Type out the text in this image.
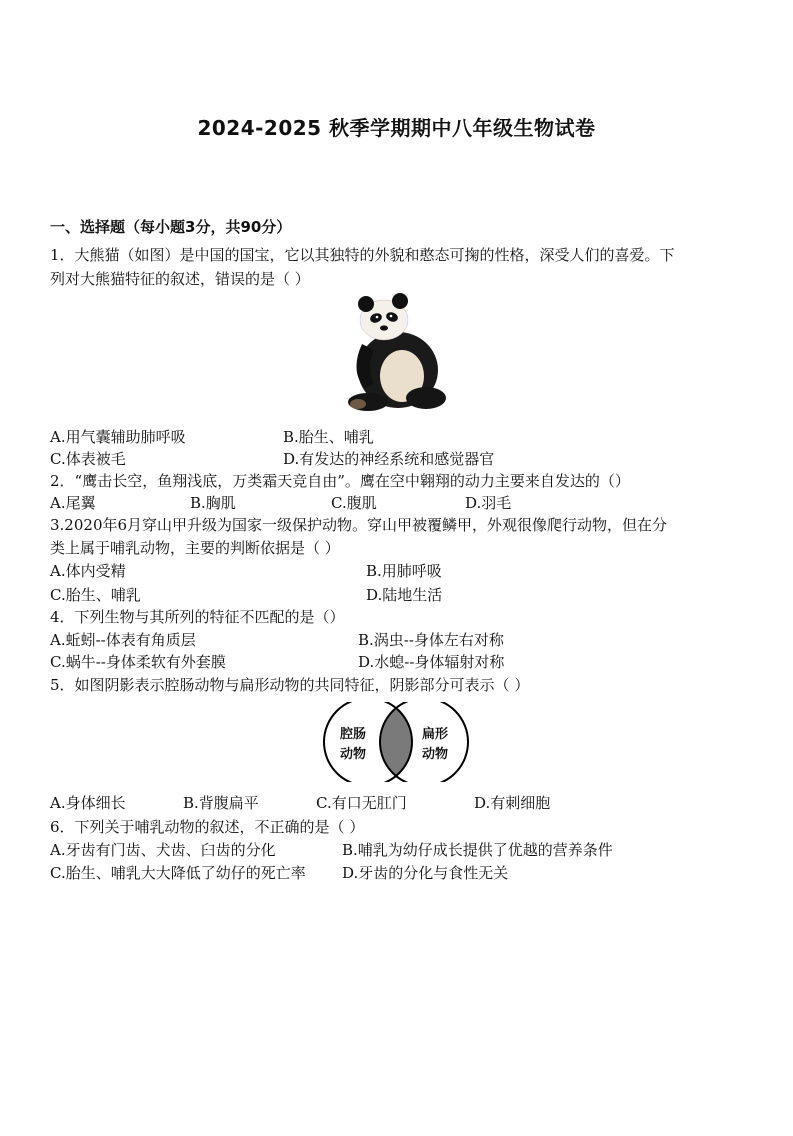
2024-2025 秋季学期期中八年级生物试卷
一、选择题（每小题3分，共90分）
1．大熊猫（如图）是中国的国宝，它以其独特的外貌和憨态可掬的性格，深受人们的喜爱。下
列对大熊猫特征的叙述，错误的是（ ）
A.用气囊辅助肺呼吸	B.胎生、哺乳
C.体表被毛	D.有发达的神经系统和感觉器官
2．“鹰击长空，鱼翔浅底，万类霜天竞自由”。鹰在空中翱翔的动力主要来自发达的（）
A.尾翼	B.胸肌	C.腹肌	D.羽毛
3.2020年6月穿山甲升级为国家一级保护动物。穿山甲被覆鳞甲，外观很像爬行动物，但在分
类上属于哺乳动物，主要的判断依据是（ ）
A.体内受精	B.用肺呼吸
C.胎生、哺乳	D.陆地生活
4．下列生物与其所列的特征不匹配的是（）
A.蚯蚓--体表有角质层	B.涡虫--身体左右对称
C.蜗牛--身体柔软有外套膜	D.水螅--身体辐射对称
5．如图阴影表示腔肠动物与扁形动物的共同特征，阴影部分可表示（ ）
腔肠
动物
扁形
动物
A.身体细长	B.背腹扁平	C.有口无肛门	D.有刺细胞
6．下列关于哺乳动物的叙述，不正确的是（ ）
A.牙齿有门齿、犬齿、臼齿的分化	B.哺乳为幼仔成长提供了优越的营养条件
C.胎生、哺乳大大降低了幼仔的死亡率 D.牙齿的分化与食性无关
